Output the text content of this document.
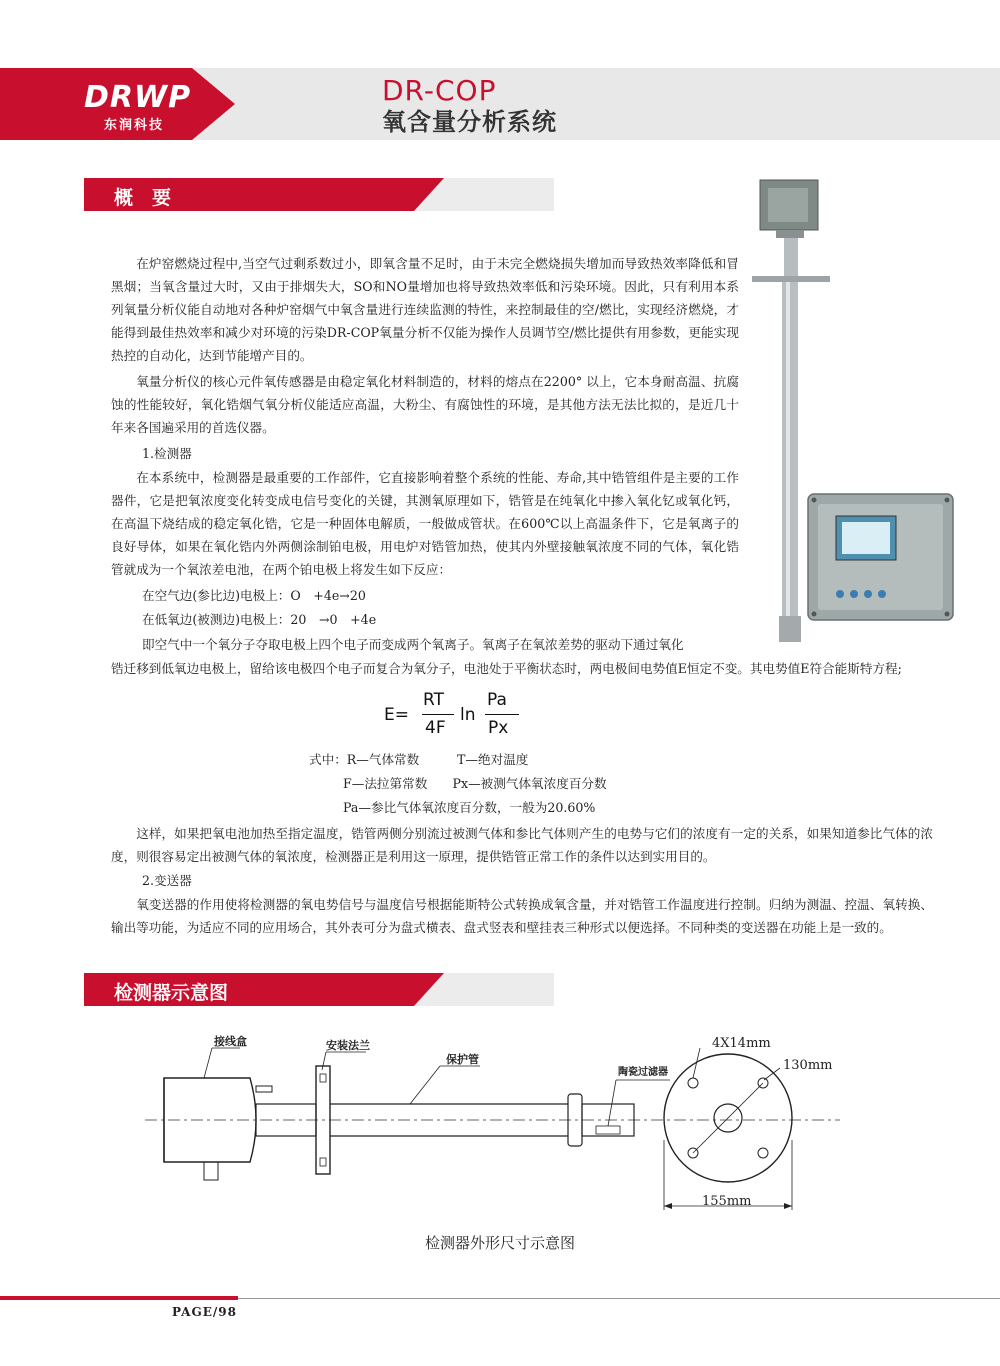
DRWP
东润科技
DR-COP
氧含量分析系统
概　要
在炉窑燃烧过程中,当空气过剩系数过小，即氧含量不足时，由于未完全燃烧损失增加而导致热效率降低和冒黑烟；当氧含量过大时，又由于排烟失大，SO和NO量增加也将导致热效率低和污染环境。因此，只有利用本系列氧量分析仪能自动地对各种炉窑烟气中氧含量进行连续监测的特性，来控制最佳的空/燃比，实现经济燃烧，才能得到最佳热效率和减少对环境的污染DR-COP氧量分析不仅能为操作人员调节空/燃比提供有用参数，更能实现热控的自动化，达到节能增产目的。
氧量分析仪的核心元件氧传感器是由稳定氧化材料制造的，材料的熔点在2200° 以上，它本身耐高温、抗腐蚀的性能较好，氧化锆烟气氧分析仪能适应高温，大粉尘、有腐蚀性的环境，是其他方法无法比拟的，是近几十年来各国遍采用的首选仪器。
1.检测器
在本系统中，检测器是最重要的工作部件，它直接影响着整个系统的性能、寿命,其中锆管组件是主要的工作器件，它是把氧浓度变化转变成电信号变化的关键，其测氧原理如下，锆管是在纯氧化中掺入氧化钇或氧化钙，在高温下烧结成的稳定氧化锆，它是一种固体电解质，一般做成管状。在600℃以上高温条件下，它是氧离子的良好导体，如果在氧化锆内外两侧涂制铂电极，用电炉对锆管加热，使其内外壁接触氧浓度不同的气体，氧化锆管就成为一个氧浓差电池，在两个铂电极上将发生如下反应：
在空气边(参比边)电极上：O　+4e→20
在低氧边(被测边)电极上：20　→0　+4e
即空气中一个氧分子夺取电极上四个电子而变成两个氧离子。氧离子在氧浓差势的驱动下通过氧化
锆迁移到低氧边电极上，留给该电极四个电子而复合为氧分子，电池处于平衡状态时，两电极间电势值E恒定不变。其电势值E符合能斯特方程;
E=
RT
4F
ln
Pa
Px
式中：R—气体常数　　　T—绝对温度
F—法拉第常数　　Px—被测气体氧浓度百分数
Pa—参比气体氧浓度百分数，一般为20.60%
这样，如果把氧电池加热至指定温度，锆管两侧分别流过被测气体和参比气体则产生的电势与它们的浓度有一定的关系，如果知道参比气体的浓度，则很容易定出被测气体的氧浓度，检测器正是利用这一原理，提供锆管正常工作的条件以达到实用目的。
2.变送器
氧变送器的作用使将检测器的氧电势信号与温度信号根据能斯特公式转换成氧含量，并对锆管工作温度进行控制。归纳为测温、控温、氧转换、输出等功能，为适应不同的应用场合，其外表可分为盘式横表、盘式竖表和壁挂表三种形式以便选择。不同种类的变送器在功能上是一致的。
检测器示意图
接线盒	安装法兰
保护管
陶瓷过滤器
4X14mm
130mm
155mm
检测器外形尺寸示意图
PAGE/98
